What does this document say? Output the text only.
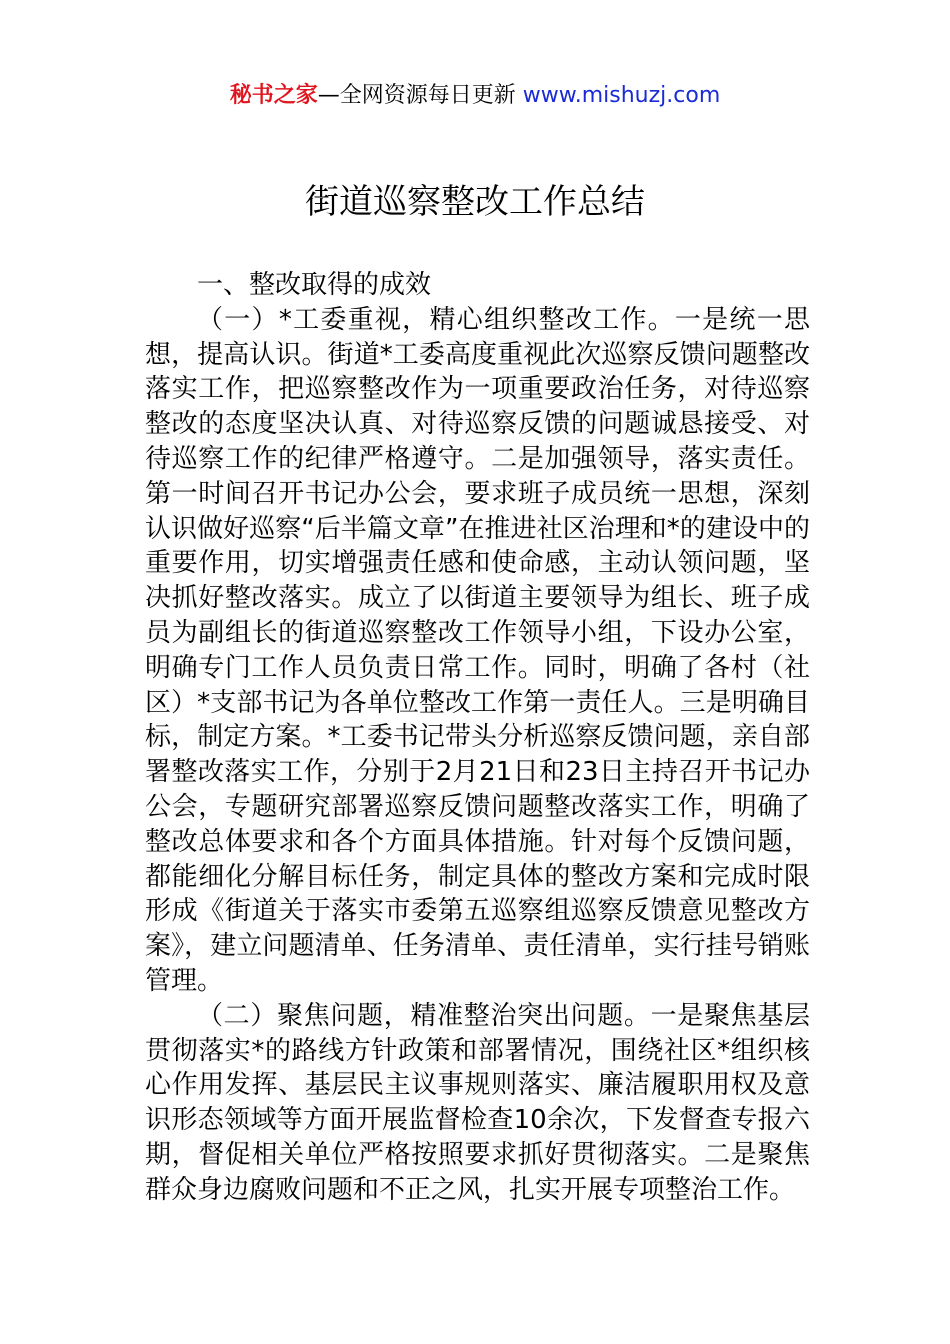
秘书之家—全网资源每日更新 www.mishuzj.com
街道巡察整改工作总结
一、整改取得的成效

（一）*工委重视，精心组织整改工作。一是统一思想，提高认识。街道*工委高度重视此次巡察反馈问题整改落实工作，把巡察整改作为一项重要政治任务，对待巡察整改的态度坚决认真、对待巡察反馈的问题诚恳接受、对待巡察工作的纪律严格遵守。二是加强领导，落实责任。第一时间召开书记办公会，要求班子成员统一思想，深刻认识做好巡察“后半篇文章”在推进社区治理和*的建设中的重要作用，切实增强责任感和使命感，主动认领问题，坚决抓好整改落实。成立了以街道主要领导为组长、班子成员为副组长的街道巡察整改工作领导小组，下设办公室，明确专门工作人员负责日常工作。同时，明确了各村（社区）*支部书记为各单位整改工作第一责任人。三是明确目标，制定方案。*工委书记带头分析巡察反馈问题，亲自部署整改落实工作，分别于2月21日和23日主持召开书记办公会，专题研究部署巡察反馈问题整改落实工作，明确了整改总体要求和各个方面具体措施。针对每个反馈问题，都能细化分解目标任务，制定具体的整改方案和完成时限形成《街道关于落实市委第五巡察组巡察反馈意见整改方案》，建立问题清单、任务清单、责任清单，实行挂号销账管理。

（二）聚焦问题，精准整治突出问题。一是聚焦基层贯彻落实*的路线方针政策和部署情况，围绕社区*组织核心作用发挥、基层民主议事规则落实、廉洁履职用权及意识形态领域等方面开展监督检查10余次，下发督查专报六期，督促相关单位严格按照要求抓好贯彻落实。二是聚焦群众身边腐败问题和不正之风，扎实开展专项整治工作。
